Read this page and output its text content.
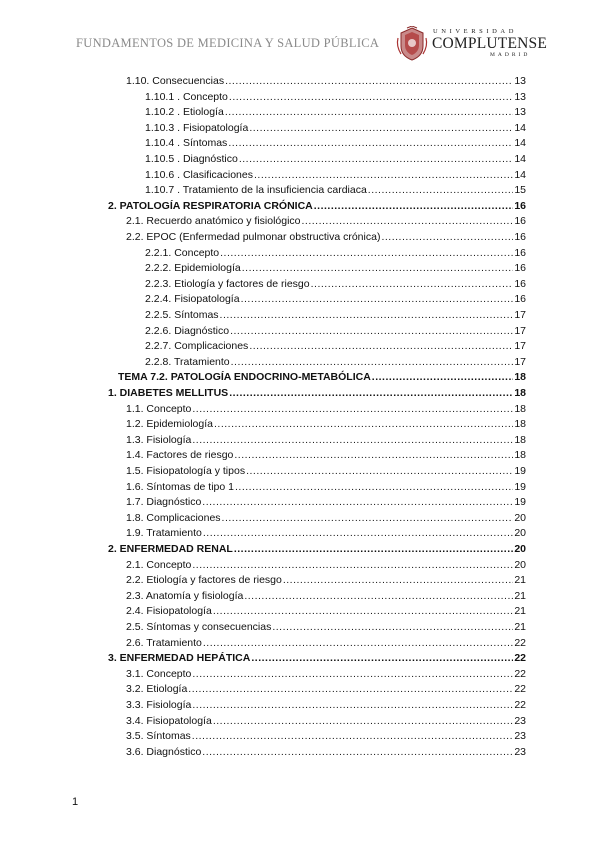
FUNDAMENTOS DE MEDICINA Y SALUD PÚBLICA
UNIVERSIDAD
COMPLUTENSE
MADRID
1.10. Consecuencias .....	13
1.10.1 . Concepto .....	13
1.10.2 . Etiología .....	13
1.10.3 . Fisiopatología .....	14
1.10.4 . Síntomas .....	14
1.10.5 . Diagnóstico .....	14
1.10.6 . Clasificaciones .....	14
1.10.7 . Tratamiento de la insuficiencia cardiaca .....	15
2. PATOLOGÍA RESPIRATORIA CRÓNICA .....	16
2.1. Recuerdo anatómico y fisiológico .....	16
2.2. EPOC (Enfermedad pulmonar obstructiva crónica) .....	16
2.2.1. Concepto .....	16
2.2.2. Epidemiología .....	16
2.2.3. Etiología y factores de riesgo .....	16
2.2.4. Fisiopatología .....	16
2.2.5. Síntomas .....	17
2.2.6. Diagnóstico .....	17
2.2.7. Complicaciones .....	17
2.2.8. Tratamiento .....	17
TEMA 7.2. PATOLOGÍA ENDOCRINO-METABÓLICA .....	18
1. DIABETES MELLITUS .....	18
1.1. Concepto .....	18
1.2. Epidemiología .....	18
1.3. Fisiología .....	18
1.4. Factores de riesgo .....	18
1.5. Fisiopatología y tipos .....	19
1.6. Síntomas de tipo 1 .....	19
1.7. Diagnóstico .....	19
1.8. Complicaciones .....	20
1.9. Tratamiento .....	20
2. ENFERMEDAD RENAL .....	20
2.1. Concepto .....	20
2.2. Etiología y factores de riesgo .....	21
2.3. Anatomía y fisiología .....	21
2.4. Fisiopatología .....	21
2.5. Síntomas y consecuencias .....	21
2.6. Tratamiento .....	22
3. ENFERMEDAD HEPÁTICA .....	22
3.1. Concepto .....	22
3.2. Etiología .....	22
3.3. Fisiología .....	22
3.4. Fisiopatología .....	23
3.5. Síntomas .....	23
3.6. Diagnóstico .....	23
1
